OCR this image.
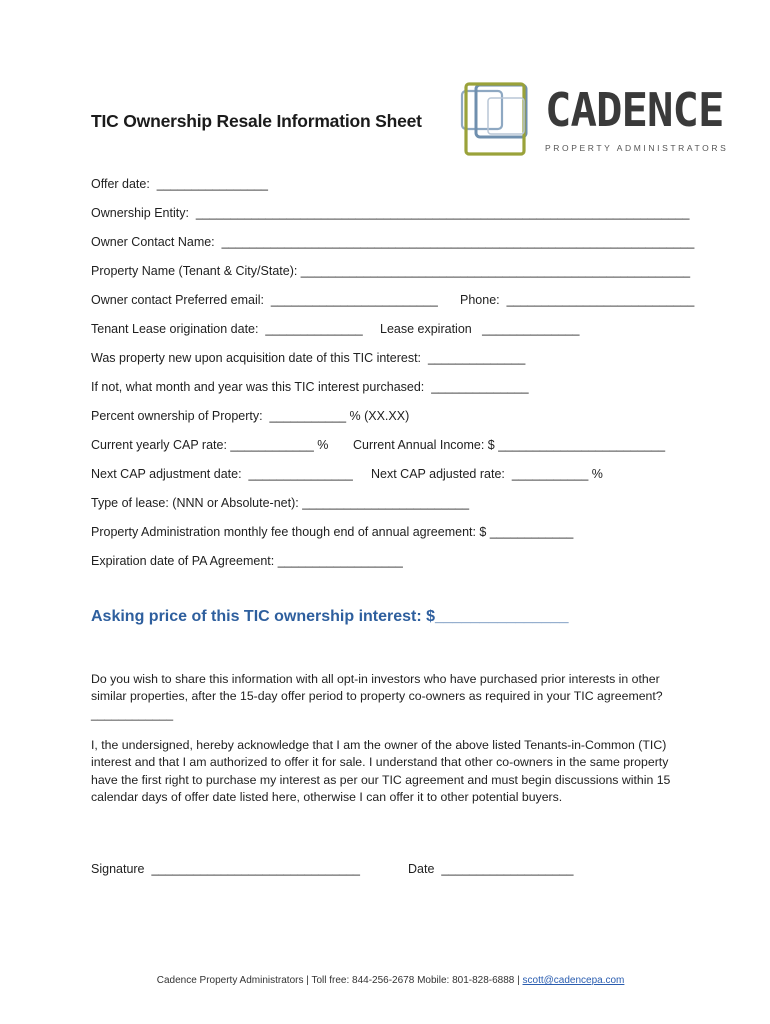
TIC Ownership Resale Information Sheet	CADENCE
PROPERTY ADMINISTRATORS
Offer date:  ________________
Ownership Entity:  _______________________________________________________________________
Owner Contact Name:  ____________________________________________________________________
Property Name (Tenant & City/State): ________________________________________________________
Owner contact Preferred email:  ________________________ Phone:  ___________________________
Tenant Lease origination date:  ______________ Lease expiration   ______________
Was property new upon acquisition date of this TIC interest:  ______________
If not, what month and year was this TIC interest purchased:  ______________
Percent ownership of Property:  ___________ % (XX.XX)
Current yearly CAP rate: ____________ % Current Annual Income: $ ________________________
Next CAP adjustment date:  _______________ Next CAP adjusted rate:  ___________ %
Type of lease: (NNN or Absolute-net): ________________________
Property Administration monthly fee though end of annual agreement: $ ____________
Expiration date of PA Agreement: __________________
Asking price of this TIC ownership interest: $_______________
Do you wish to share this information with all opt-in investors who have purchased prior interests in other similar properties, after the 15-day offer period to property co-owners as required in your TIC agreement? ____________
I, the undersigned, hereby acknowledge that I am the owner of the above listed Tenants-in-Common (TIC) interest and that I am authorized to offer it for sale. I understand that other co-owners in the same property have the first right to purchase my interest as per our TIC agreement and must begin discussions within 15 calendar days of offer date listed here, otherwise I can offer it to other potential buyers.
Signature  ______________________________	Date  ___________________

Cadence Property Administrators | Toll free: 844-256-2678 Mobile: 801-828-6888 | scott@cadencepa.com
